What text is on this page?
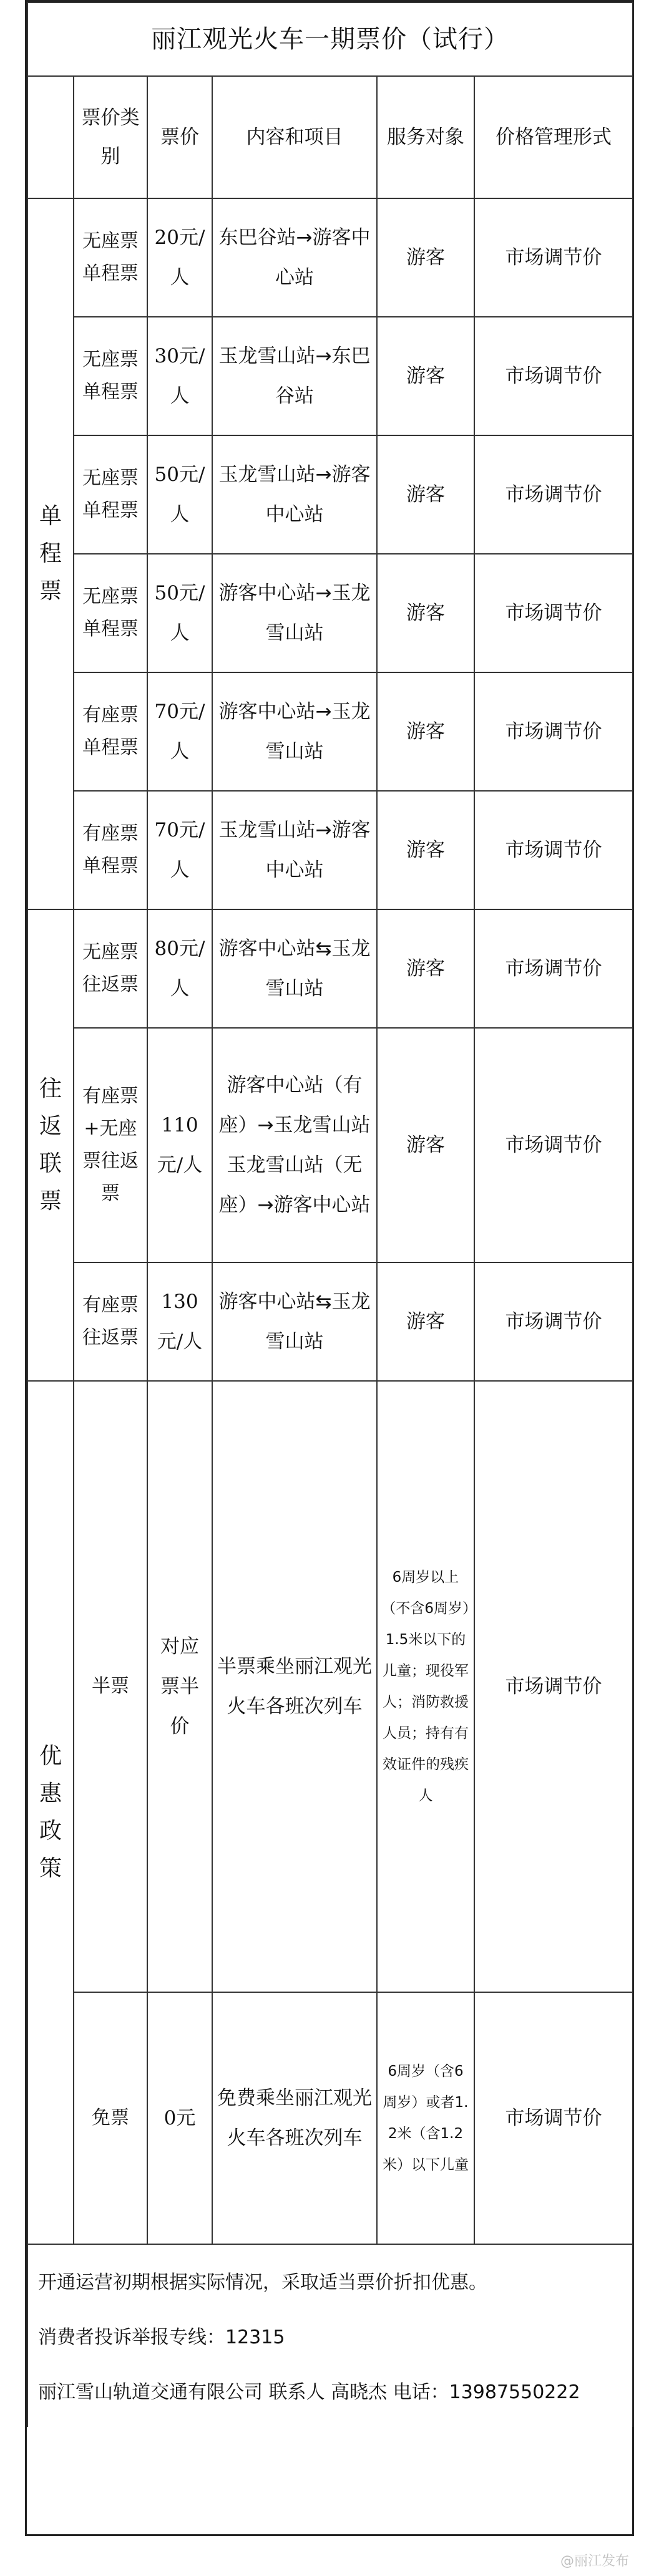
丽江观光火车一期票价（试行）					
	票价类别	票价	内容和项目	服务对象	价格管理形式
单程票	无座票单程票	20元/人	东巴谷站→游客中心站	游客	市场调节价
	无座票单程票	30元/人	玉龙雪山站→东巴谷站	游客	市场调节价
	无座票单程票	50元/人	玉龙雪山站→游客中心站	游客	市场调节价
	无座票单程票	50元/人	游客中心站→玉龙雪山站	游客	市场调节价
	有座票单程票	70元/人	游客中心站→玉龙雪山站	游客	市场调节价
	有座票单程票	70元/人	玉龙雪山站→游客中心站	游客	市场调节价
往返联票	无座票往返票	80元/人	游客中心站⇆玉龙雪山站	游客	市场调节价
	有座票+无座票往返票	110元/人	游客中心站（有座）→玉龙雪山站 玉龙雪山站（无座）→游客中心站	游客	市场调节价
	有座票往返票	130元/人	游客中心站⇆玉龙雪山站	游客	市场调节价
优惠政策	半票	对应票半价	半票乘坐丽江观光火车各班次列车	6周岁以上（不含6周岁）1.5米以下的儿童；现役军人；消防救援人员；持有有效证件的残疾人	市场调节价
	免票	0元	免费乘坐丽江观光火车各班次列车	6周岁（含6周岁）或者1.2米（含1.2米）以下儿童	市场调节价

开通运营初期根据实际情况，采取适当票价折扣优惠。
消费者投诉举报专线：12315
丽江雪山轨道交通有限公司 联系人 高晓杰 电话：13987550222					
@丽江发布
